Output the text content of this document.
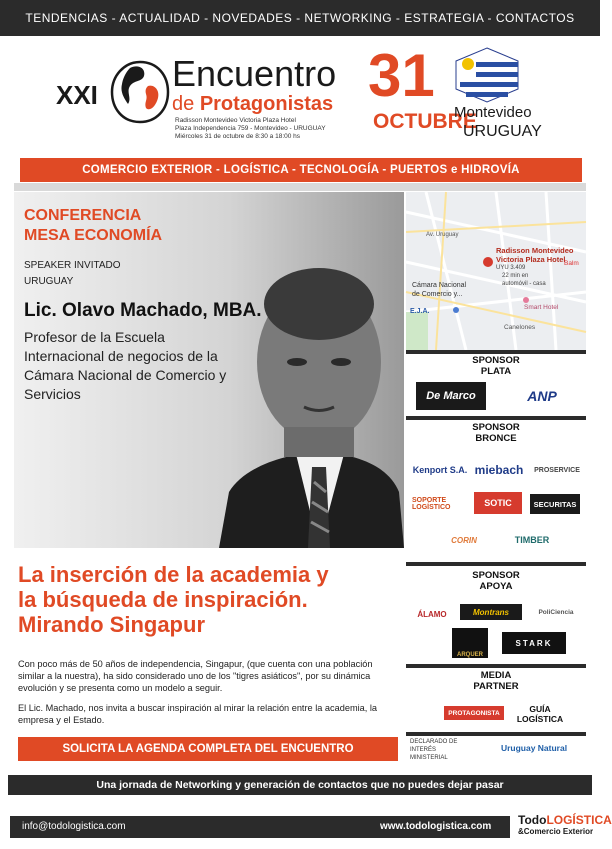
TENDENCIAS - ACTUALIDAD - NOVEDADES - NETWORKING - ESTRATEGIA - CONTACTOS
XXI
Encuentro
de Protagonistas
Radisson Montevideo Victoria Plaza Hotel
Plaza Independencia 759 - Montevideo - URUGUAY
Miércoles 31 de octubre de 8:30 a 18:00 hs
31
OCTUBRE
Montevideo
URUGUAY
COMERCIO EXTERIOR - LOGÍSTICA - TECNOLOGÍA - PUERTOS e HIDROVÍA
CONFERENCIA
MESA ECONOMÍA
SPEAKER INVITADO
URUGUAY
Lic. Olavo Machado, MBA.
Profesor de la Escuela Internacional de negocios de la Cámara Nacional de Comercio y Servicios
La inserción de la academia y
la búsqueda de inspiración.
Mirando Singapur

Con poco más de 50 años de independencia, Singapur, (que cuenta con una población similar a la nuestra), ha sido considerado uno de los "tigres asiáticos", por su dinámica evolución y se presenta como un modelo a seguir.

El Lic. Machado, nos invita a buscar inspiración al mirar la relación entre la academia, la empresa y el Estado.

SOLICITA LA AGENDA COMPLETA DEL ENCUENTRO
Radisson Montevideo
Victoria Plaza Hotel
UYU 3.409
22 min en
automóvil - casa
Cámara Nacional
de Comercio y...
Smart Hotel
Canelones
Av. Uruguay
E.J.A.
Balm
SPONSOR
PLATA
De Marco	ANP
SPONSOR
BRONCE
Kenport S.A. miebach PROSERVICE
SOPORTE LOGÍSTICO	SOTIC	SECURITAS
CORIN	TIMBER
SPONSOR
APOYA
ÁLAMO	Montrans	PoliCiencia
ARQUER
STARK
MEDIA
PARTNER
PROTAGONISTA	GUÍA LOGÍSTICA
DECLARADO DE INTERÉS MINISTERIAL
Uruguay Natural
Una jornada de Networking y generación de contactos que no puedes dejar pasar
info@todologistica.com	www.todologistica.com TodoLOGÍSTICA
&Comercio Exterior
